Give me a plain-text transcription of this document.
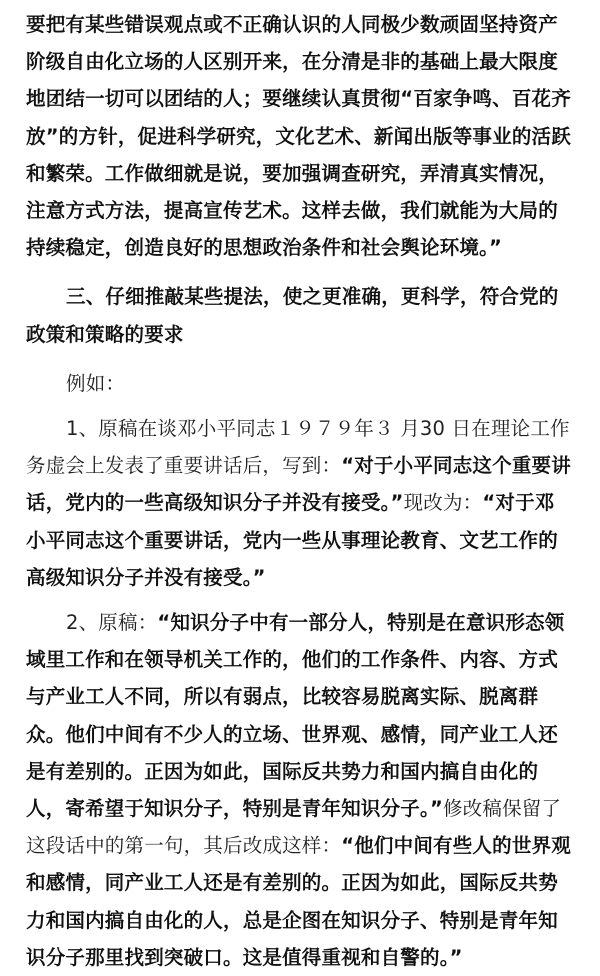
要把有某些错误观点或不正确认识的人同极少数顽固坚持资产阶级自由化立场的人区别开来，在分清是非的基础上最大限度地团结一切可以团结的人；要继续认真贯彻“百家争鸣、百花齐放”的方针，促进科学研究，文化艺术、新闻出版等事业的活跃和繁荣。工作做细就是说，要加强调查研究，弄清真实情况，注意方式方法，提高宣传艺术。这样去做，我们就能为大局的持续稳定，创造良好的思想政治条件和社会舆论环境。”

三、仔细推敲某些提法，使之更准确，更科学，符合党的政策和策略的要求

例如：

1、原稿在谈邓小平同志１９７９年３ 月30 日在理论工作务虚会上发表了重要讲话后，写到：“对于小平同志这个重要讲话，党内的一些高级知识分子并没有接受。”现改为：“对于邓小平同志这个重要讲话，党内一些从事理论教育、文艺工作的高级知识分子并没有接受。”

2、原稿：“知识分子中有一部分人，特别是在意识形态领域里工作和在领导机关工作的，他们的工作条件、内容、方式与产业工人不同，所以有弱点，比较容易脱离实际、脱离群众。他们中间有不少人的立场、世界观、感情，同产业工人还是有差别的。正因为如此，国际反共势力和国内搞自由化的人，寄希望于知识分子，特别是青年知识分子。”修改稿保留了这段话中的第一句，其后改成这样：“他们中间有些人的世界观和感情，同产业工人还是有差别的。正因为如此，国际反共势力和国内搞自由化的人，总是企图在知识分子、特别是青年知识分子那里找到突破口。这是值得重视和自警的。”
